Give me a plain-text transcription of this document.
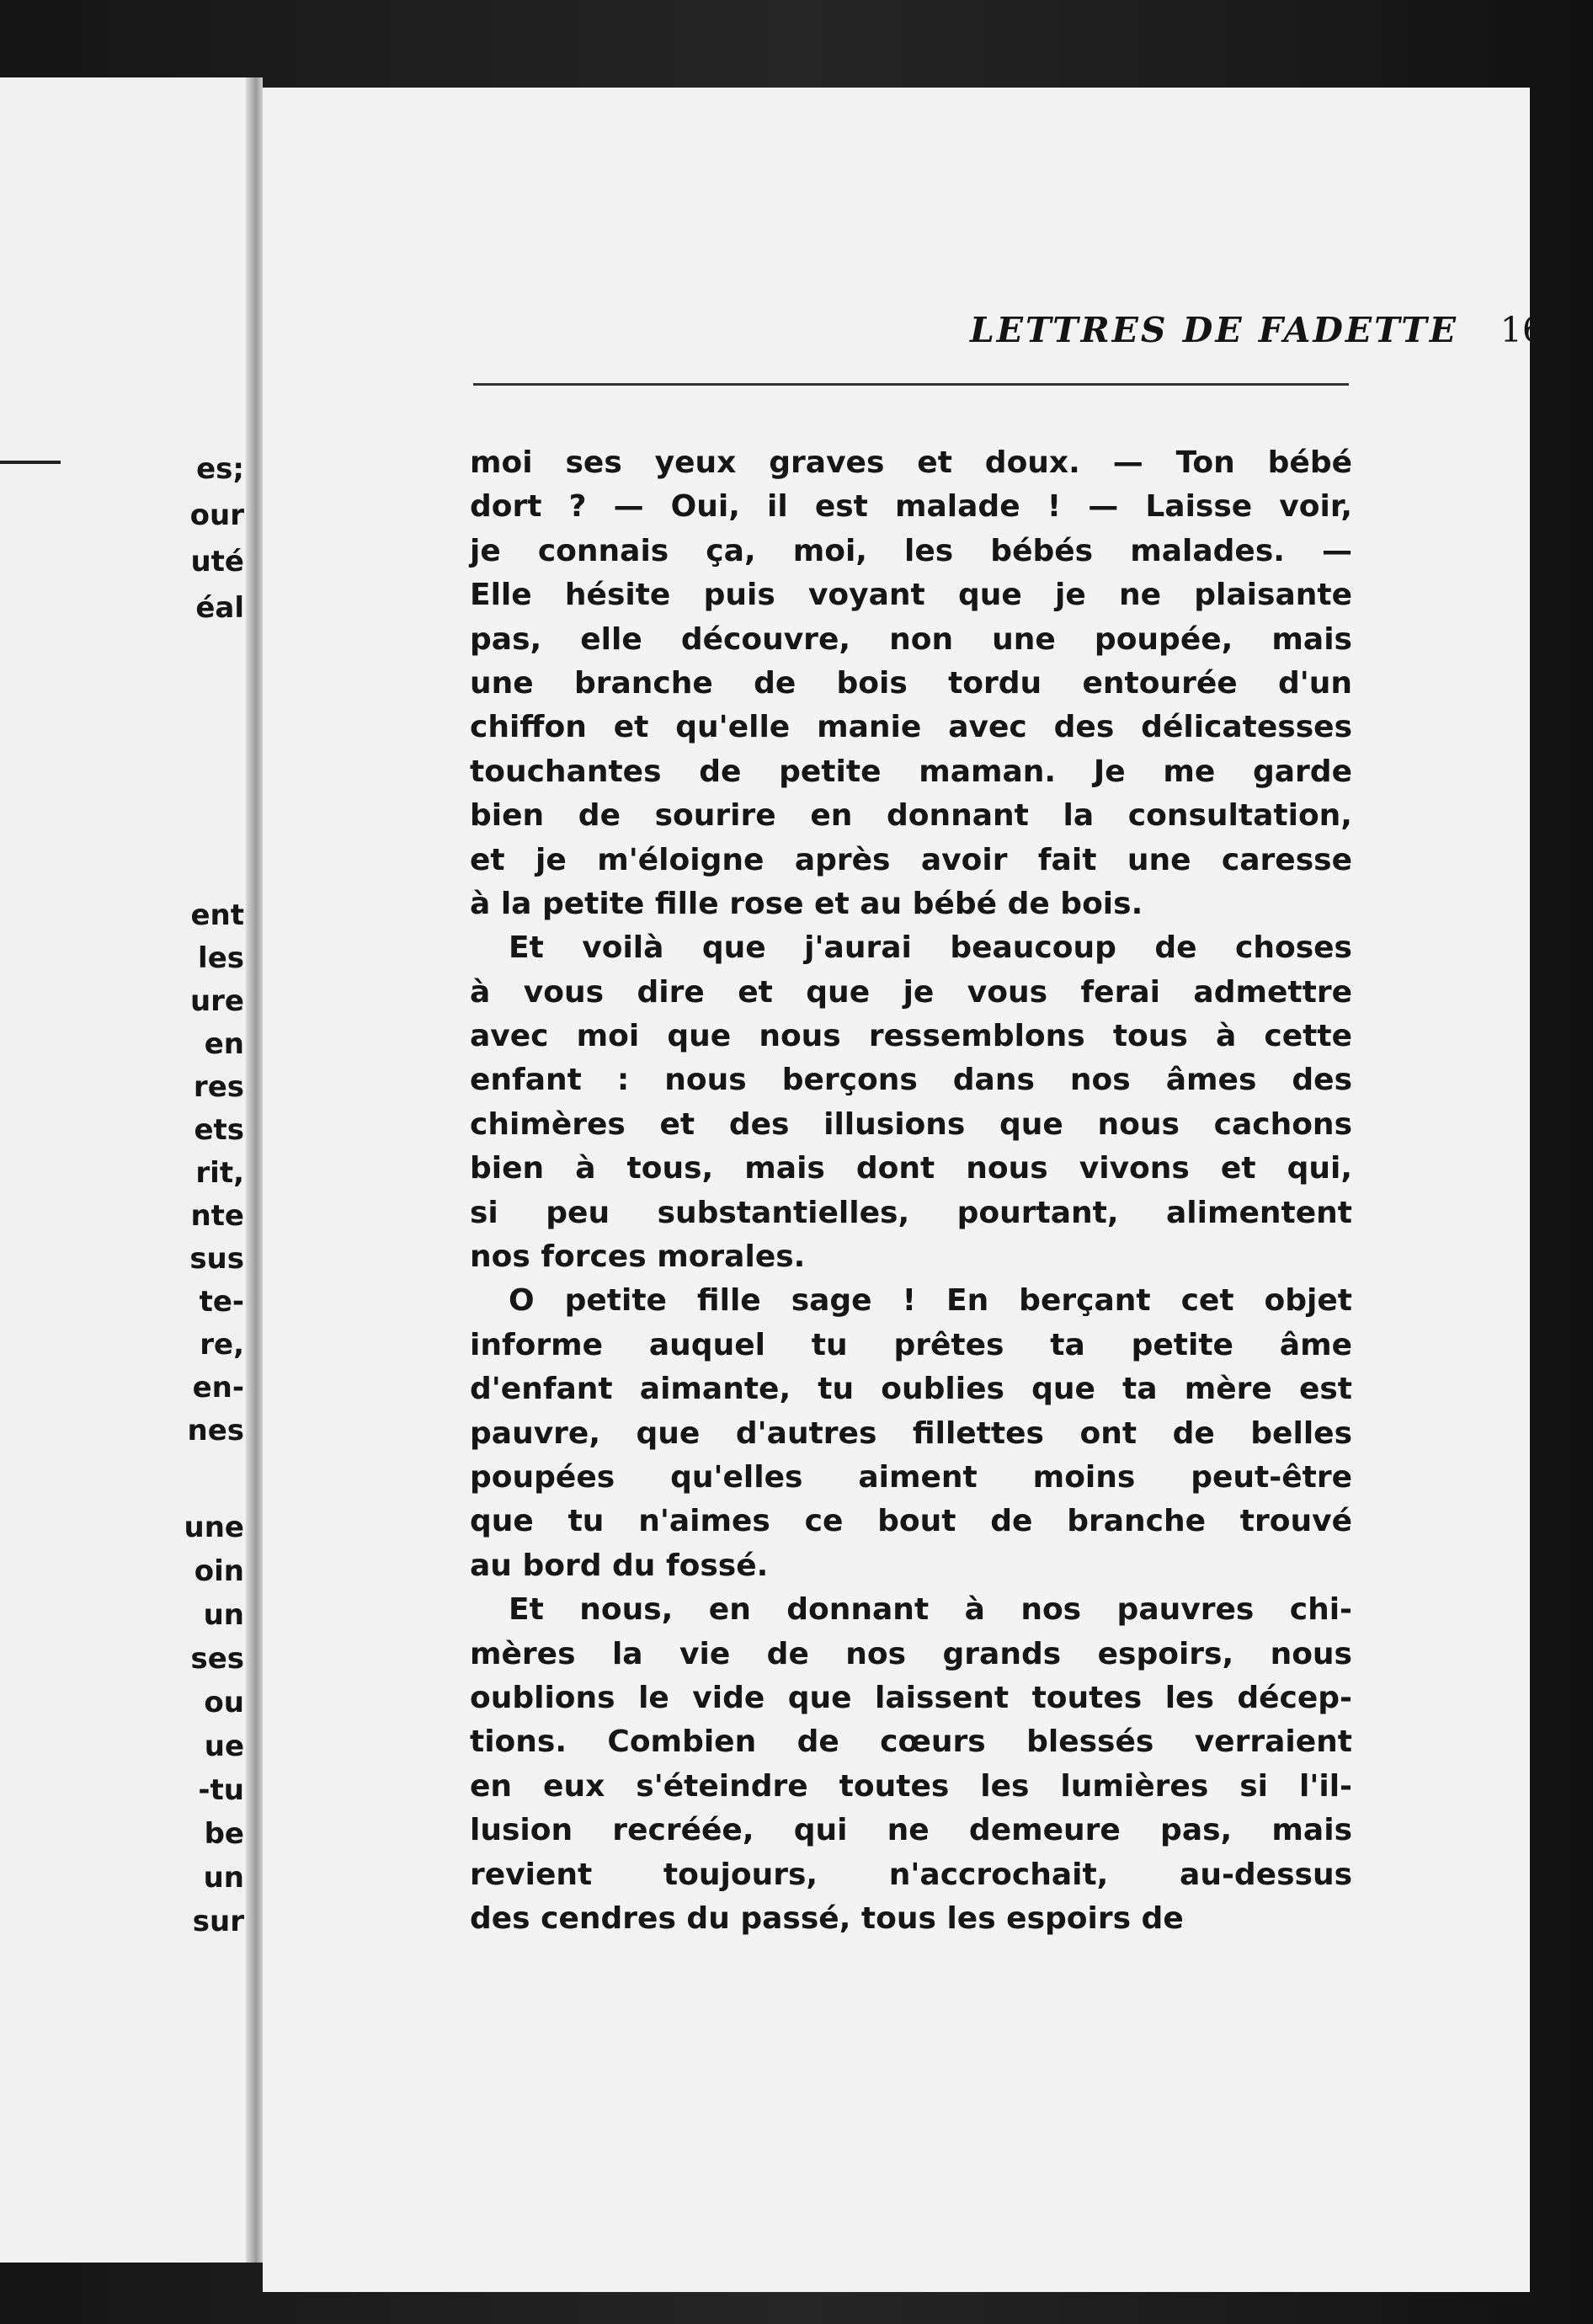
es;
our
uté
éal
ent
les
ure
en
res
ets
rit,
nte
sus
te-
re,
en-
nes
une
oin
un
ses
ou
ue
-tu
be
un
sur
LETTRES DE FADETTE 167

moi ses yeux graves et doux. — Ton bébé
dort ? — Oui, il est malade ! — Laisse voir,
je connais ça, moi, les bébés malades. —
Elle hésite puis voyant que je ne plaisante
pas, elle découvre, non une poupée, mais
une branche de bois tordu entourée d'un
chiffon et qu'elle manie avec des délicatesses
touchantes de petite maman. Je me garde
bien de sourire en donnant la consultation,
et je m'éloigne après avoir fait une caresse
à la petite fille rose et au bébé de bois.

Et voilà que j'aurai beaucoup de choses
à vous dire et que je vous ferai admettre
avec moi que nous ressemblons tous à cette
enfant : nous berçons dans nos âmes des
chimères et des illusions que nous cachons
bien à tous, mais dont nous vivons et qui,
si peu substantielles, pourtant, alimentent
nos forces morales.

O petite fille sage ! En berçant cet objet
informe auquel tu prêtes ta petite âme
d'enfant aimante, tu oublies que ta mère est
pauvre, que d'autres fillettes ont de belles
poupées qu'elles aiment moins peut-être
que tu n'aimes ce bout de branche trouvé
au bord du fossé.

Et nous, en donnant à nos pauvres chi-
mères la vie de nos grands espoirs, nous
oublions le vide que laissent toutes les décep-
tions. Combien de cœurs blessés verraient
en eux s'éteindre toutes les lumières si l'il-
lusion recréée, qui ne demeure pas, mais
revient toujours, n'accrochait, au-dessus
des cendres du passé, tous les espoirs de
